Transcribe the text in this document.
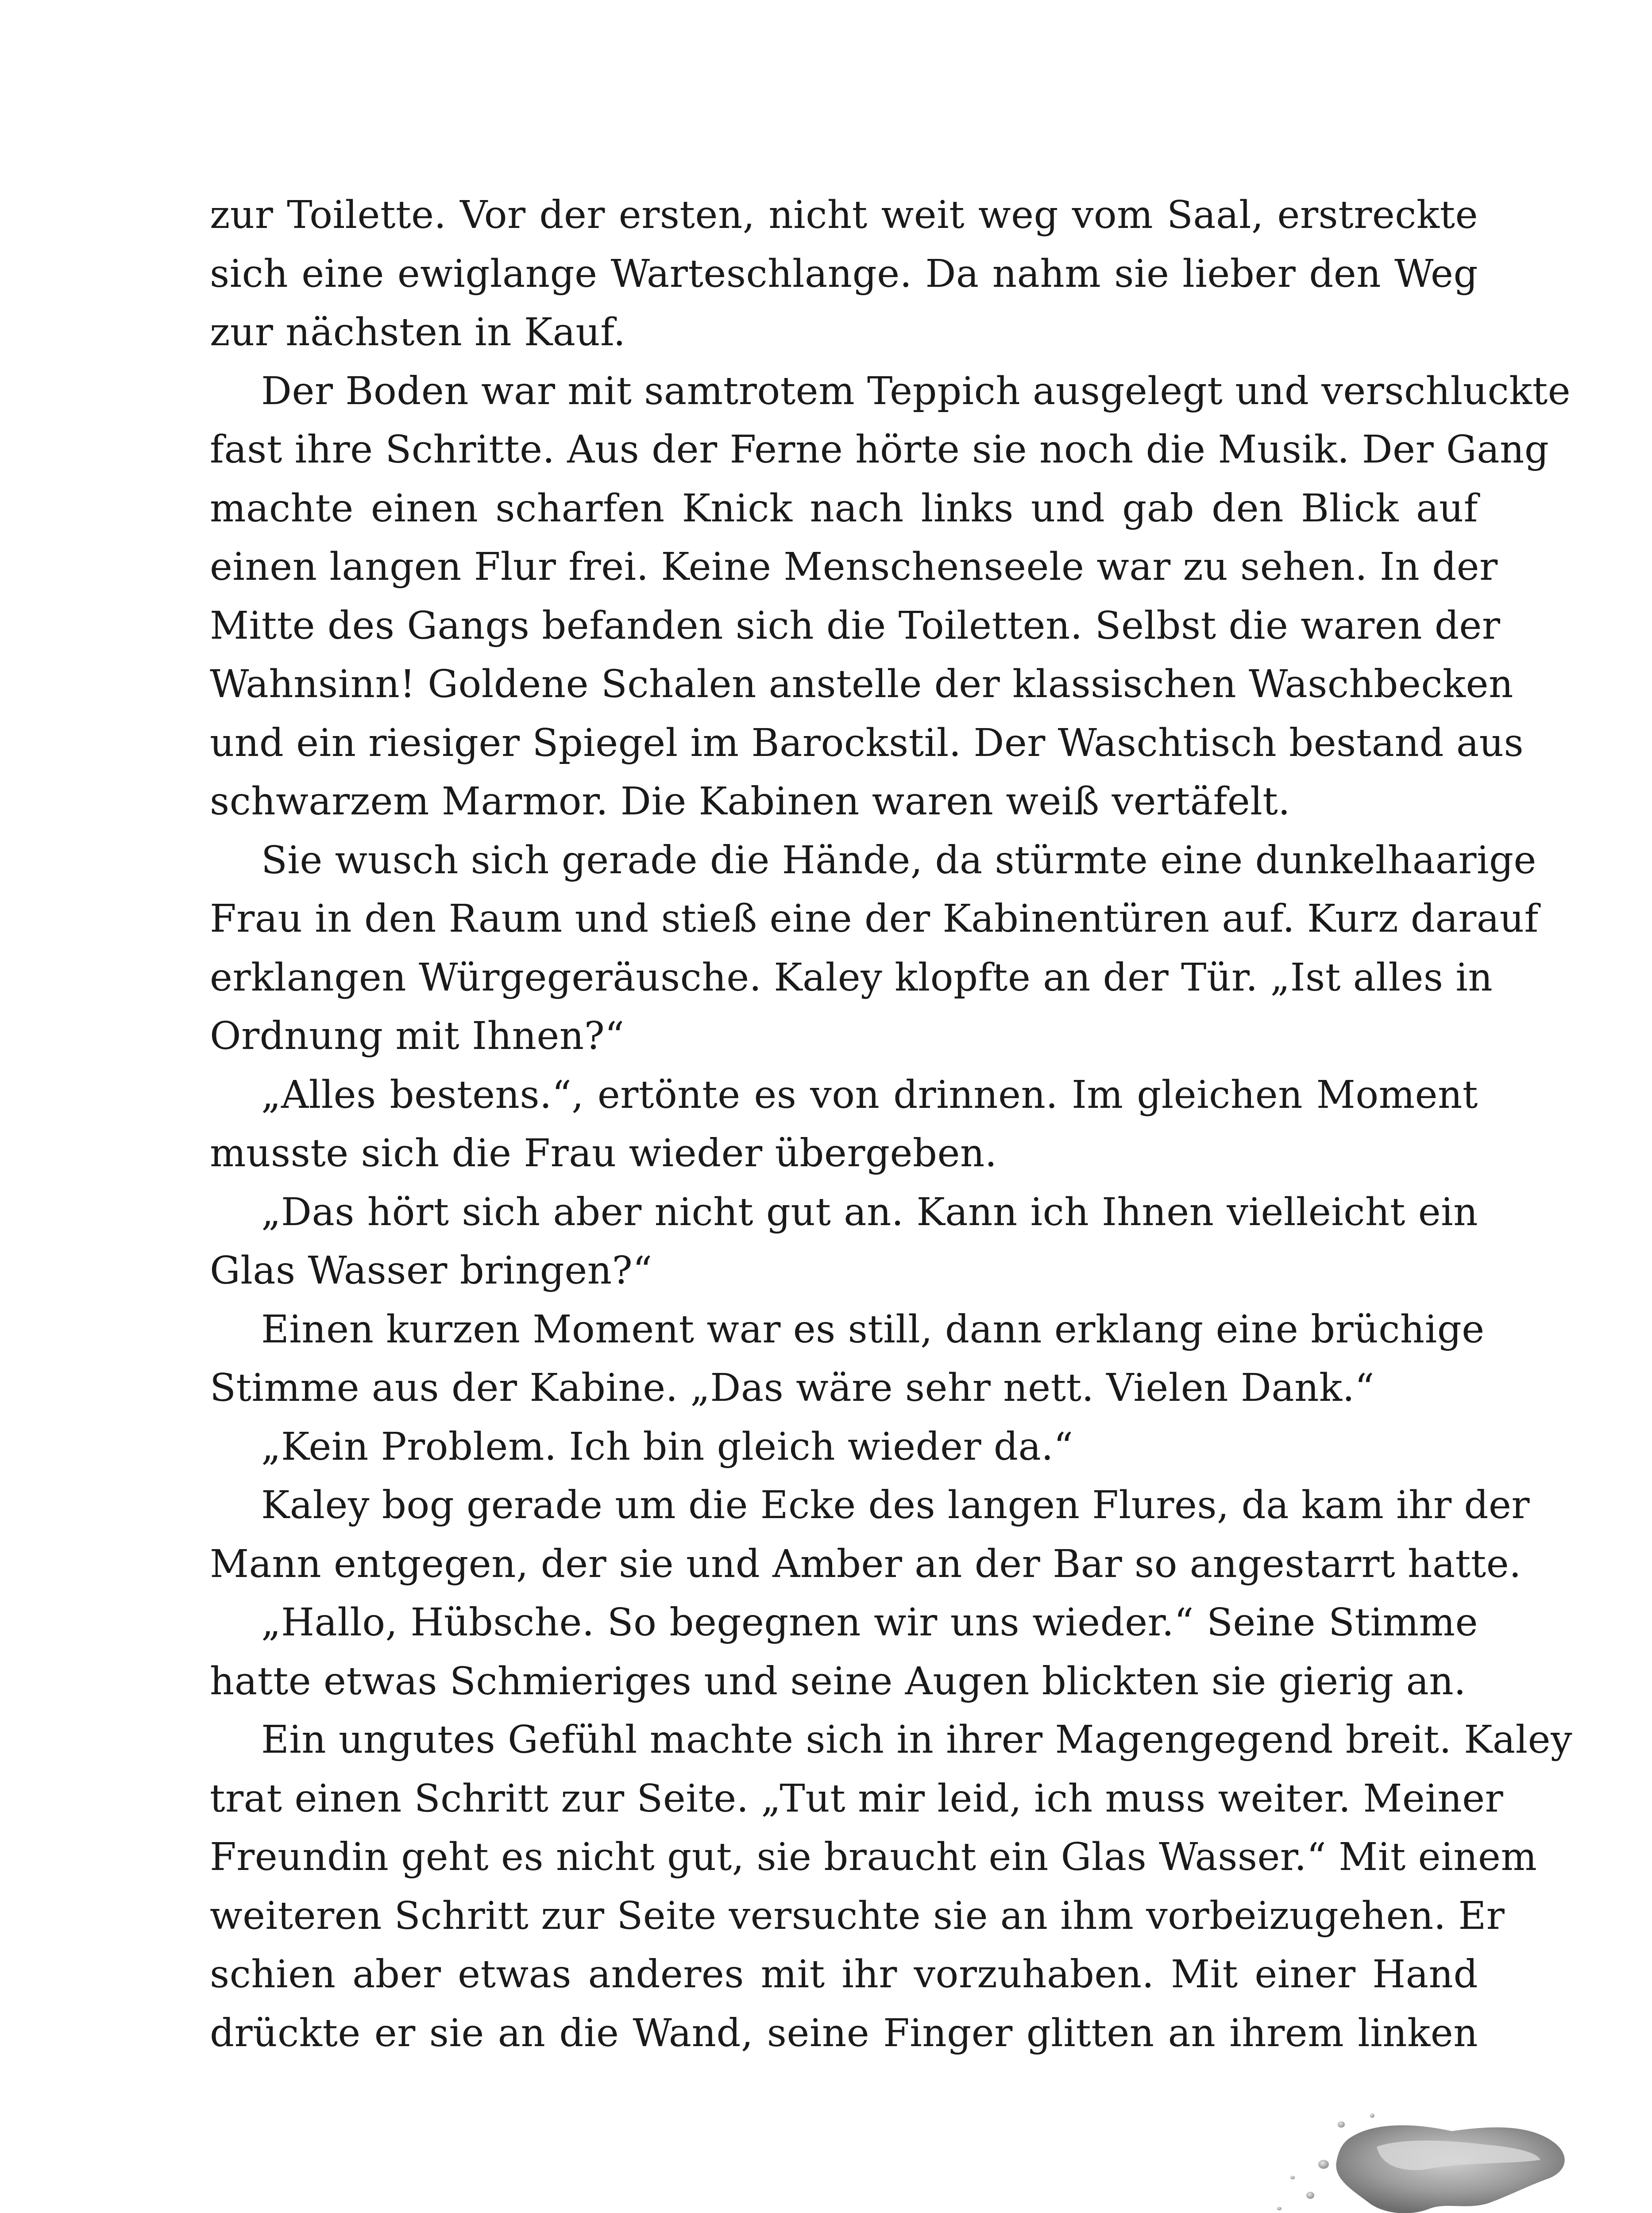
zur Toilette. Vor der ersten, nicht weit weg vom Saal, erstreckte
sich eine ewiglange Warteschlange. Da nahm sie lieber den Weg
zur nächsten in Kauf.
Der Boden war mit samtrotem Teppich ausgelegt und verschluckte
fast ihre Schritte. Aus der Ferne hörte sie noch die Musik. Der Gang
machte einen scharfen Knick nach links und gab den Blick auf
einen langen Flur frei. Keine Menschenseele war zu sehen. In der
Mitte des Gangs befanden sich die Toiletten. Selbst die waren der
Wahnsinn! Goldene Schalen anstelle der klassischen Waschbecken
und ein riesiger Spiegel im Barockstil. Der Waschtisch bestand aus
schwarzem Marmor. Die Kabinen waren weiß vertäfelt.
Sie wusch sich gerade die Hände, da stürmte eine dunkelhaarige
Frau in den Raum und stieß eine der Kabinentüren auf. Kurz darauf
erklangen Würgegeräusche. Kaley klopfte an der Tür. „Ist alles in
Ordnung mit Ihnen?“
„Alles bestens.“, ertönte es von drinnen. Im gleichen Moment
musste sich die Frau wieder übergeben.
„Das hört sich aber nicht gut an. Kann ich Ihnen vielleicht ein
Glas Wasser bringen?“
Einen kurzen Moment war es still, dann erklang eine brüchige
Stimme aus der Kabine. „Das wäre sehr nett. Vielen Dank.“
„Kein Problem. Ich bin gleich wieder da.“
Kaley bog gerade um die Ecke des langen Flures, da kam ihr der
Mann entgegen, der sie und Amber an der Bar so angestarrt hatte.
„Hallo, Hübsche. So begegnen wir uns wieder.“ Seine Stimme
hatte etwas Schmieriges und seine Augen blickten sie gierig an.
Ein ungutes Gefühl machte sich in ihrer Magengegend breit. Kaley
trat einen Schritt zur Seite. „Tut mir leid, ich muss weiter. Meiner
Freundin geht es nicht gut, sie braucht ein Glas Wasser.“ Mit einem
weiteren Schritt zur Seite versuchte sie an ihm vorbeizugehen. Er
schien aber etwas anderes mit ihr vorzuhaben. Mit einer Hand
drückte er sie an die Wand, seine Finger glitten an ihrem linken
19
